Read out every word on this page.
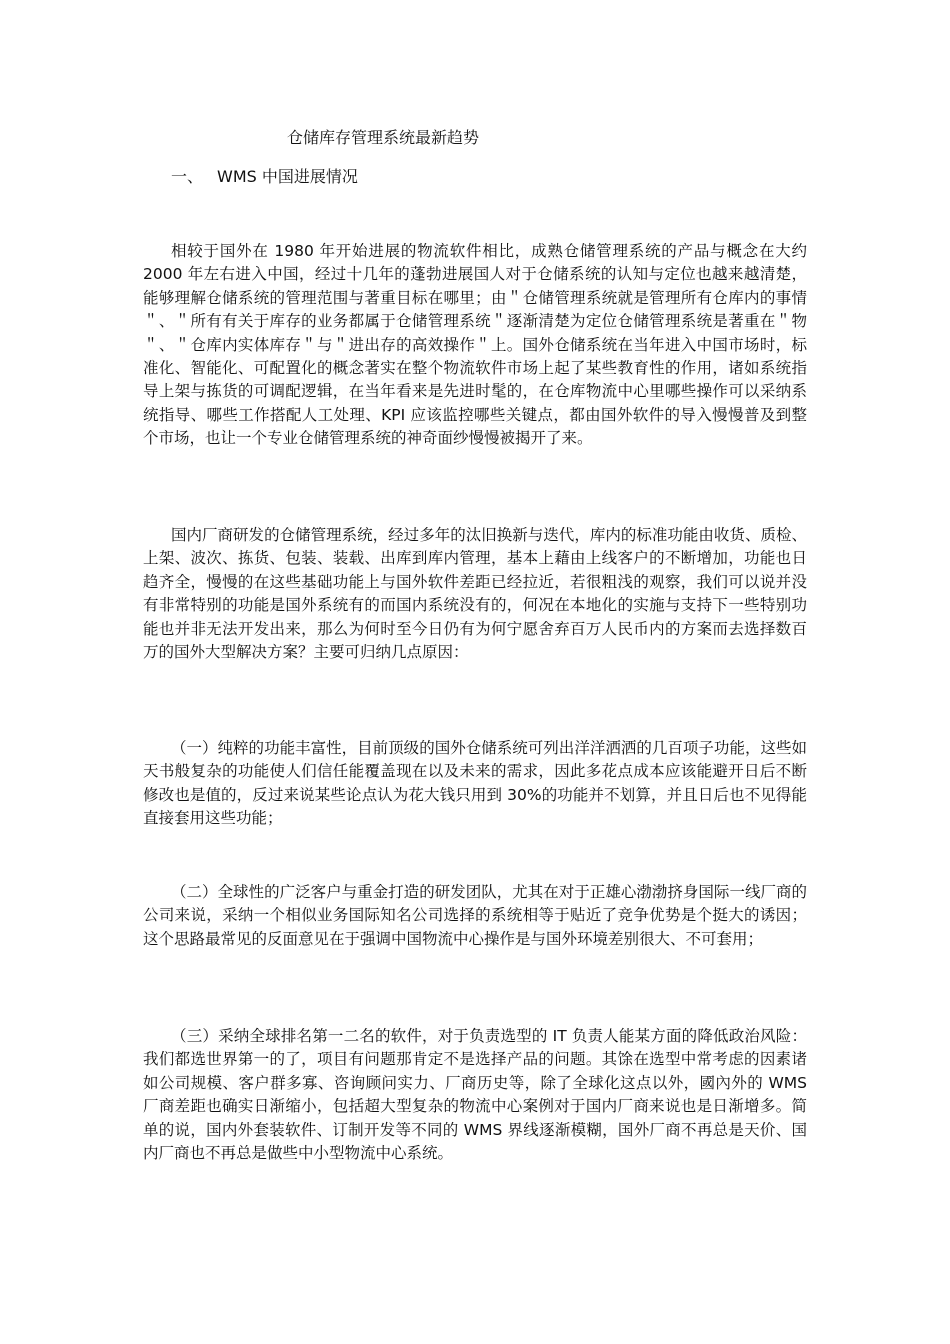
仓储库存管理系统最新趋势
一、 WMS 中国进展情况

相较于国外在 1980 年开始进展的物流软件相比，成熟仓储管理系统的产品与概念在大约 2000 年左右进入中国，经过十几年的蓬勃进展国人对于仓储系统的认知与定位也越来越清楚，能够理解仓储系统的管理范围与著重目标在哪里；由＂仓储管理系统就是管理所有仓库内的事情＂、＂所有有关于库存的业务都属于仓储管理系统＂逐渐清楚为定位仓储管理系统是著重在＂物＂、＂仓库内实体库存＂与＂进出存的高效操作＂上。国外仓储系统在当年进入中国市场时，标准化、智能化、可配置化的概念著实在整个物流软件市场上起了某些教育性的作用，诸如系统指导上架与拣货的可调配逻辑，在当年看来是先进时髦的，在仓库物流中心里哪些操作可以采纳系统指导、哪些工作搭配人工处理、KPI 应该监控哪些关键点，都由国外软件的导入慢慢普及到整个市场，也让一个专业仓储管理系统的神奇面纱慢慢被揭开了来。

国内厂商研发的仓储管理系统，经过多年的汰旧换新与迭代，库内的标准功能由收货、质检、上架、波次、拣货、包装、装载、出库到库内管理，基本上藉由上线客户的不断增加，功能也日趋齐全，慢慢的在这些基础功能上与国外软件差距已经拉近，若很粗浅的观察，我们可以说并没有非常特别的功能是国外系统有的而国内系统没有的，何况在本地化的实施与支持下一些特别功能也并非无法开发出来，那么为何时至今日仍有为何宁愿舍弃百万人民币内的方案而去选择数百万的国外大型解决方案？主要可归纳几点原因：

（一）纯粹的功能丰富性，目前顶级的国外仓储系统可列出洋洋洒洒的几百项子功能，这些如天书般复杂的功能使人们信任能覆盖现在以及未来的需求，因此多花点成本应该能避开日后不断修改也是值的，反过来说某些论点认为花大钱只用到 30%的功能并不划算，并且日后也不见得能直接套用这些功能；

（二）全球性的广泛客户与重金打造的研发团队，尤其在对于正雄心渤渤挤身国际一线厂商的公司来说，采纳一个相似业务国际知名公司选择的系统相等于贴近了竞争优势是个挺大的诱因；这个思路最常见的反面意见在于强调中国物流中心操作是与国外环境差别很大、不可套用；

（三）采纳全球排名第一二名的软件，对于负责选型的 IT 负责人能某方面的降低政治风险：我们都选世界第一的了，项目有问题那肯定不是选择产品的问题。其馀在选型中常考虑的因素诸如公司规模、客户群多寡、咨询顾问实力、厂商历史等，除了全球化这点以外，國內外的 WMS 厂商差距也确实日渐缩小，包括超大型复杂的物流中心案例对于国内厂商来说也是日渐增多。简单的说，国内外套装软件、订制开发等不同的 WMS 界线逐渐模糊，国外厂商不再总是天价、国内厂商也不再总是做些中小型物流中心系统。
